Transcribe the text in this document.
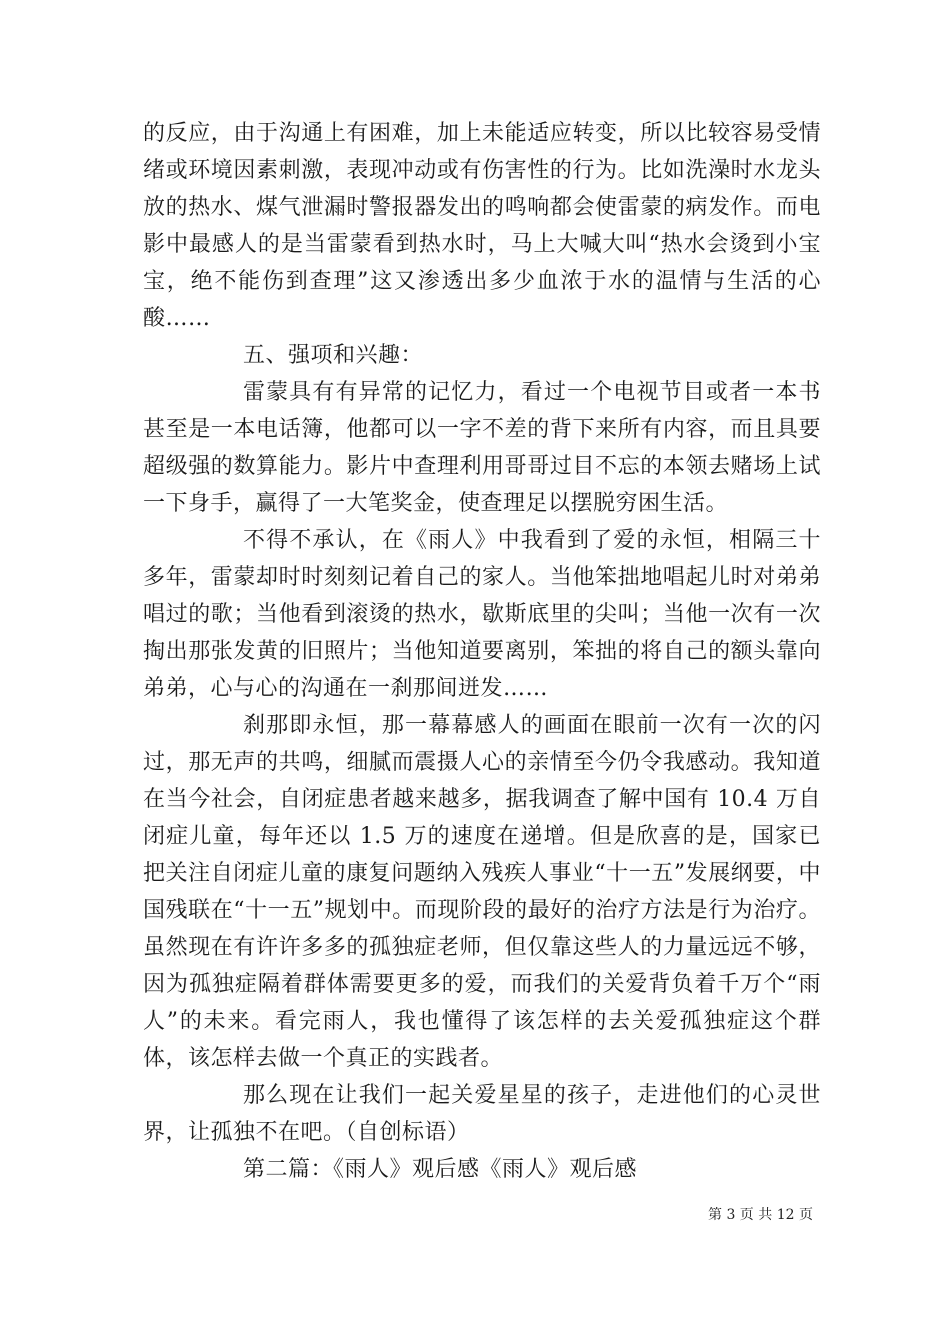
的反应，由于沟通上有困难，加上未能适应转变，所以比较容易受情绪或环境因素刺激，表现冲动或有伤害性的行为。比如洗澡时水龙头放的热水、煤气泄漏时警报器发出的鸣响都会使雷蒙的病发作。而电影中最感人的是当雷蒙看到热水时，马上大喊大叫“热水会烫到小宝宝，绝不能伤到查理”这又渗透出多少血浓于水的温情与生活的心酸……

五、强项和兴趣：

雷蒙具有有异常的记忆力，看过一个电视节目或者一本书甚至是一本电话簿，他都可以一字不差的背下来所有内容，而且具要超级强的数算能力。影片中查理利用哥哥过目不忘的本领去赌场上试一下身手，赢得了一大笔奖金，使查理足以摆脱穷困生活。

不得不承认，在《雨人》中我看到了爱的永恒，相隔三十多年，雷蒙却时时刻刻记着自己的家人。当他笨拙地唱起儿时对弟弟唱过的歌；当他看到滚烫的热水，歇斯底里的尖叫；当他一次有一次掏出那张发黄的旧照片；当他知道要离别，笨拙的将自己的额头靠向弟弟，心与心的沟通在一刹那间迸发……

刹那即永恒，那一幕幕感人的画面在眼前一次有一次的闪过，那无声的共鸣，细腻而震摄人心的亲情至今仍令我感动。我知道在当今社会，自闭症患者越来越多，据我调查了解中国有 10.4 万自闭症儿童，每年还以 1.5 万的速度在递增。但是欣喜的是，国家已把关注自闭症儿童的康复问题纳入残疾人事业“十一五”发展纲要，中国残联在“十一五”规划中。而现阶段的最好的治疗方法是行为治疗。虽然现在有许许多多的孤独症老师，但仅靠这些人的力量远远不够，因为孤独症隔着群体需要更多的爱，而我们的关爱背负着千万个“雨人”的未来。看完雨人，我也懂得了该怎样的去关爱孤独症这个群体，该怎样去做一个真正的实践者。

那么现在让我们一起关爱星星的孩子，走进他们的心灵世界，让孤独不在吧。（自创标语）

第二篇：《雨人》观后感《雨人》观后感

第 3 页 共 12 页
